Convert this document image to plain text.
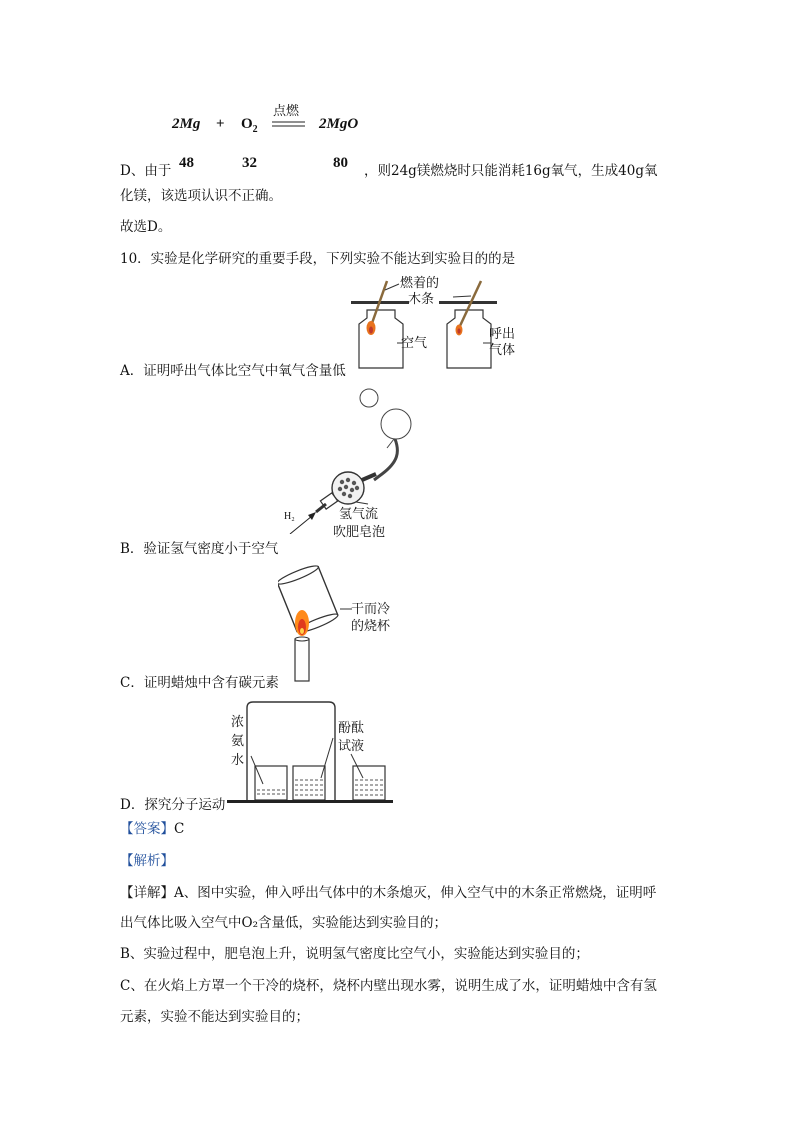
$2Mg + O_2$
点燃
2MgO
D、由于 48	32	80 ，则24g镁燃烧时只能消耗16g氧气，生成40g氧
化镁，该选项认识不正确。
故选D。
10．实验是化学研究的重要手段，下列实验不能达到实验目的的是
燃着的
木条
空气
呼出
气体
A．证明呼出气体比空气中氧气含量低
H₂	氢气流
吹肥皂泡
B．验证氢气密度小于空气
干而冷
的烧杯
C．证明蜡烛中含有碳元素
浓
氨
水
酚酞
试液
D．探究分子运动
【答案】C
【解析】
【详解】A、图中实验，伸入呼出气体中的木条熄灭，伸入空气中的木条正常燃烧，证明呼
出气体比吸入空气中O₂含量低，实验能达到实验目的；
B、实验过程中，肥皂泡上升，说明氢气密度比空气小，实验能达到实验目的；
C、在火焰上方罩一个干冷的烧杯，烧杯内壁出现水雾，说明生成了水，证明蜡烛中含有氢
元素，实验不能达到实验目的；
